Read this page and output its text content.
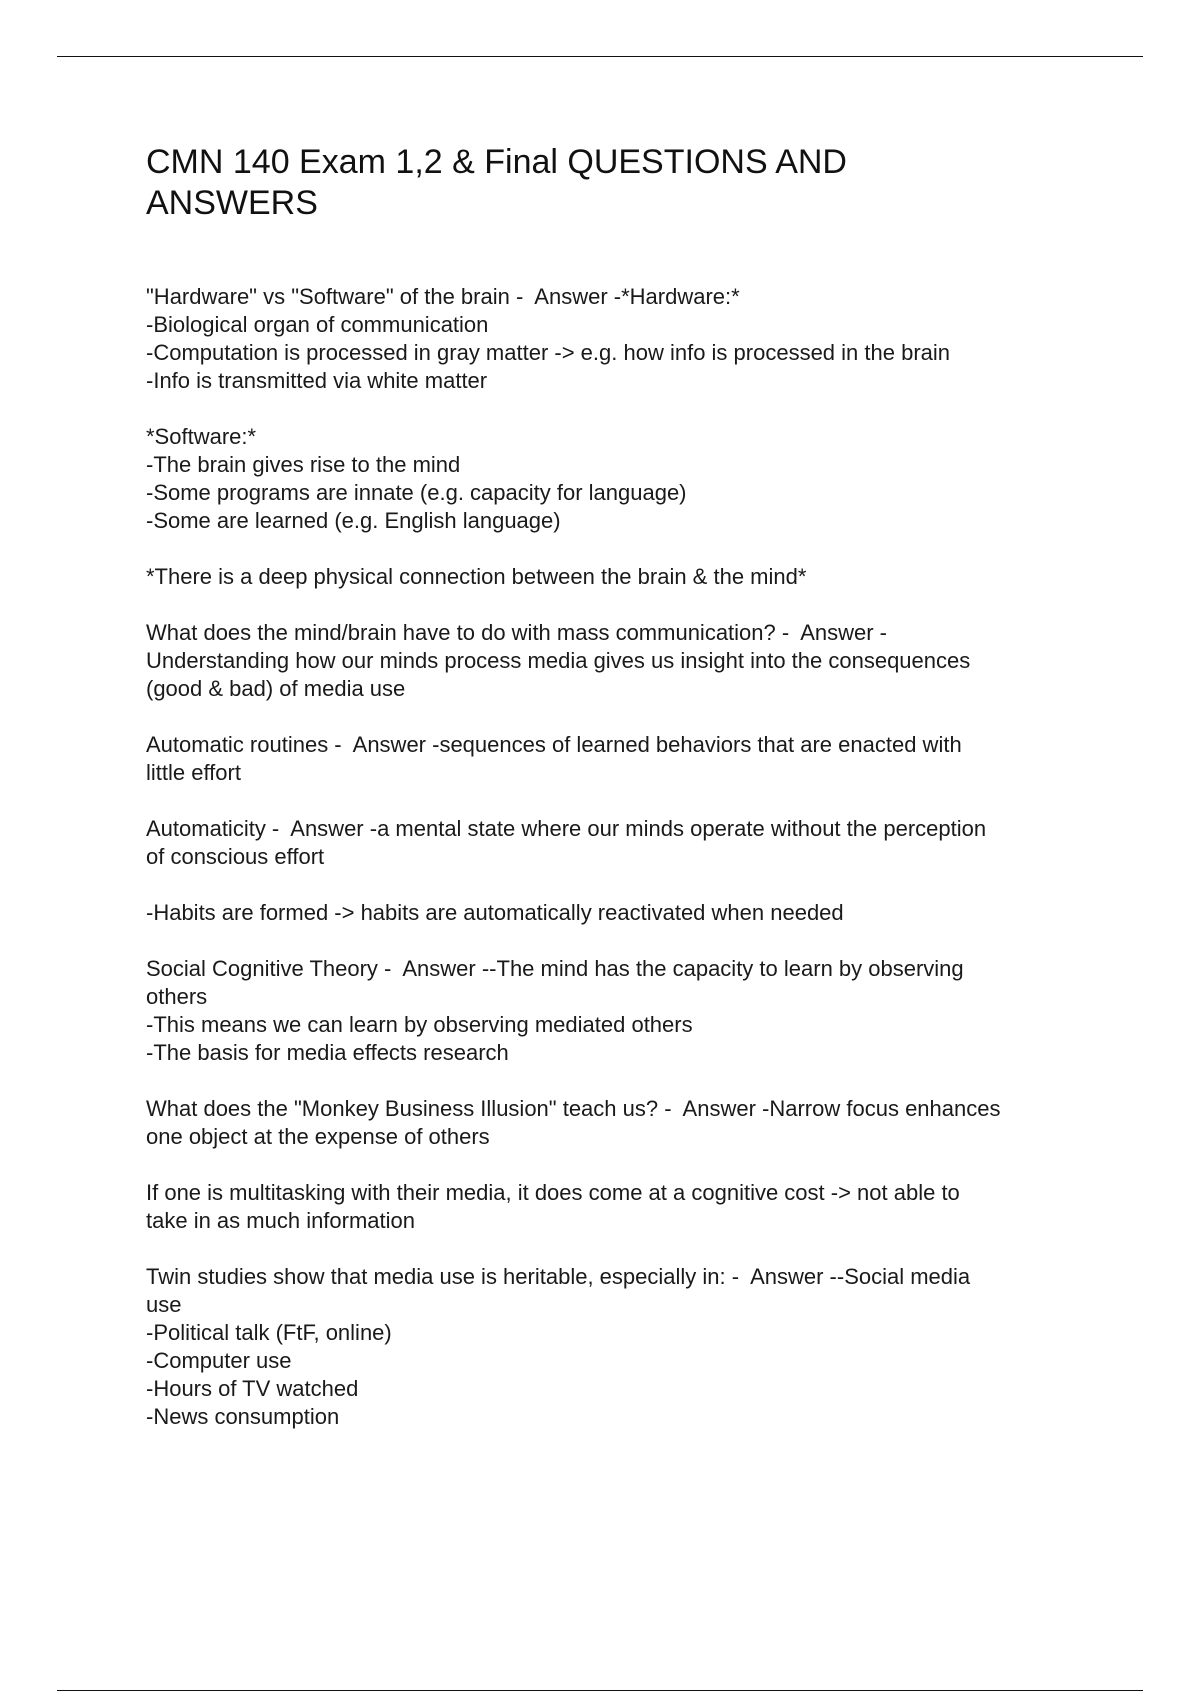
CMN 140 Exam 1,2 & Final QUESTIONS AND
ANSWERS
"Hardware" vs "Software" of the brain -  Answer -*Hardware:*
-Biological organ of communication
-Computation is processed in gray matter -> e.g. how info is processed in the brain
-Info is transmitted via white matter
*Software:*
-The brain gives rise to the mind
-Some programs are innate (e.g. capacity for language)
-Some are learned (e.g. English language)
*There is a deep physical connection between the brain & the mind*
What does the mind/brain have to do with mass communication? -  Answer -
Understanding how our minds process media gives us insight into the consequences
(good & bad) of media use
Automatic routines -  Answer -sequences of learned behaviors that are enacted with
little effort
Automaticity -  Answer -a mental state where our minds operate without the perception
of conscious effort
-Habits are formed -> habits are automatically reactivated when needed
Social Cognitive Theory -  Answer --The mind has the capacity to learn by observing
others
-This means we can learn by observing mediated others
-The basis for media effects research
What does the "Monkey Business Illusion" teach us? -  Answer -Narrow focus enhances
one object at the expense of others
If one is multitasking with their media, it does come at a cognitive cost -> not able to
take in as much information
Twin studies show that media use is heritable, especially in: -  Answer --Social media
use
-Political talk (FtF, online)
-Computer use
-Hours of TV watched
-News consumption
